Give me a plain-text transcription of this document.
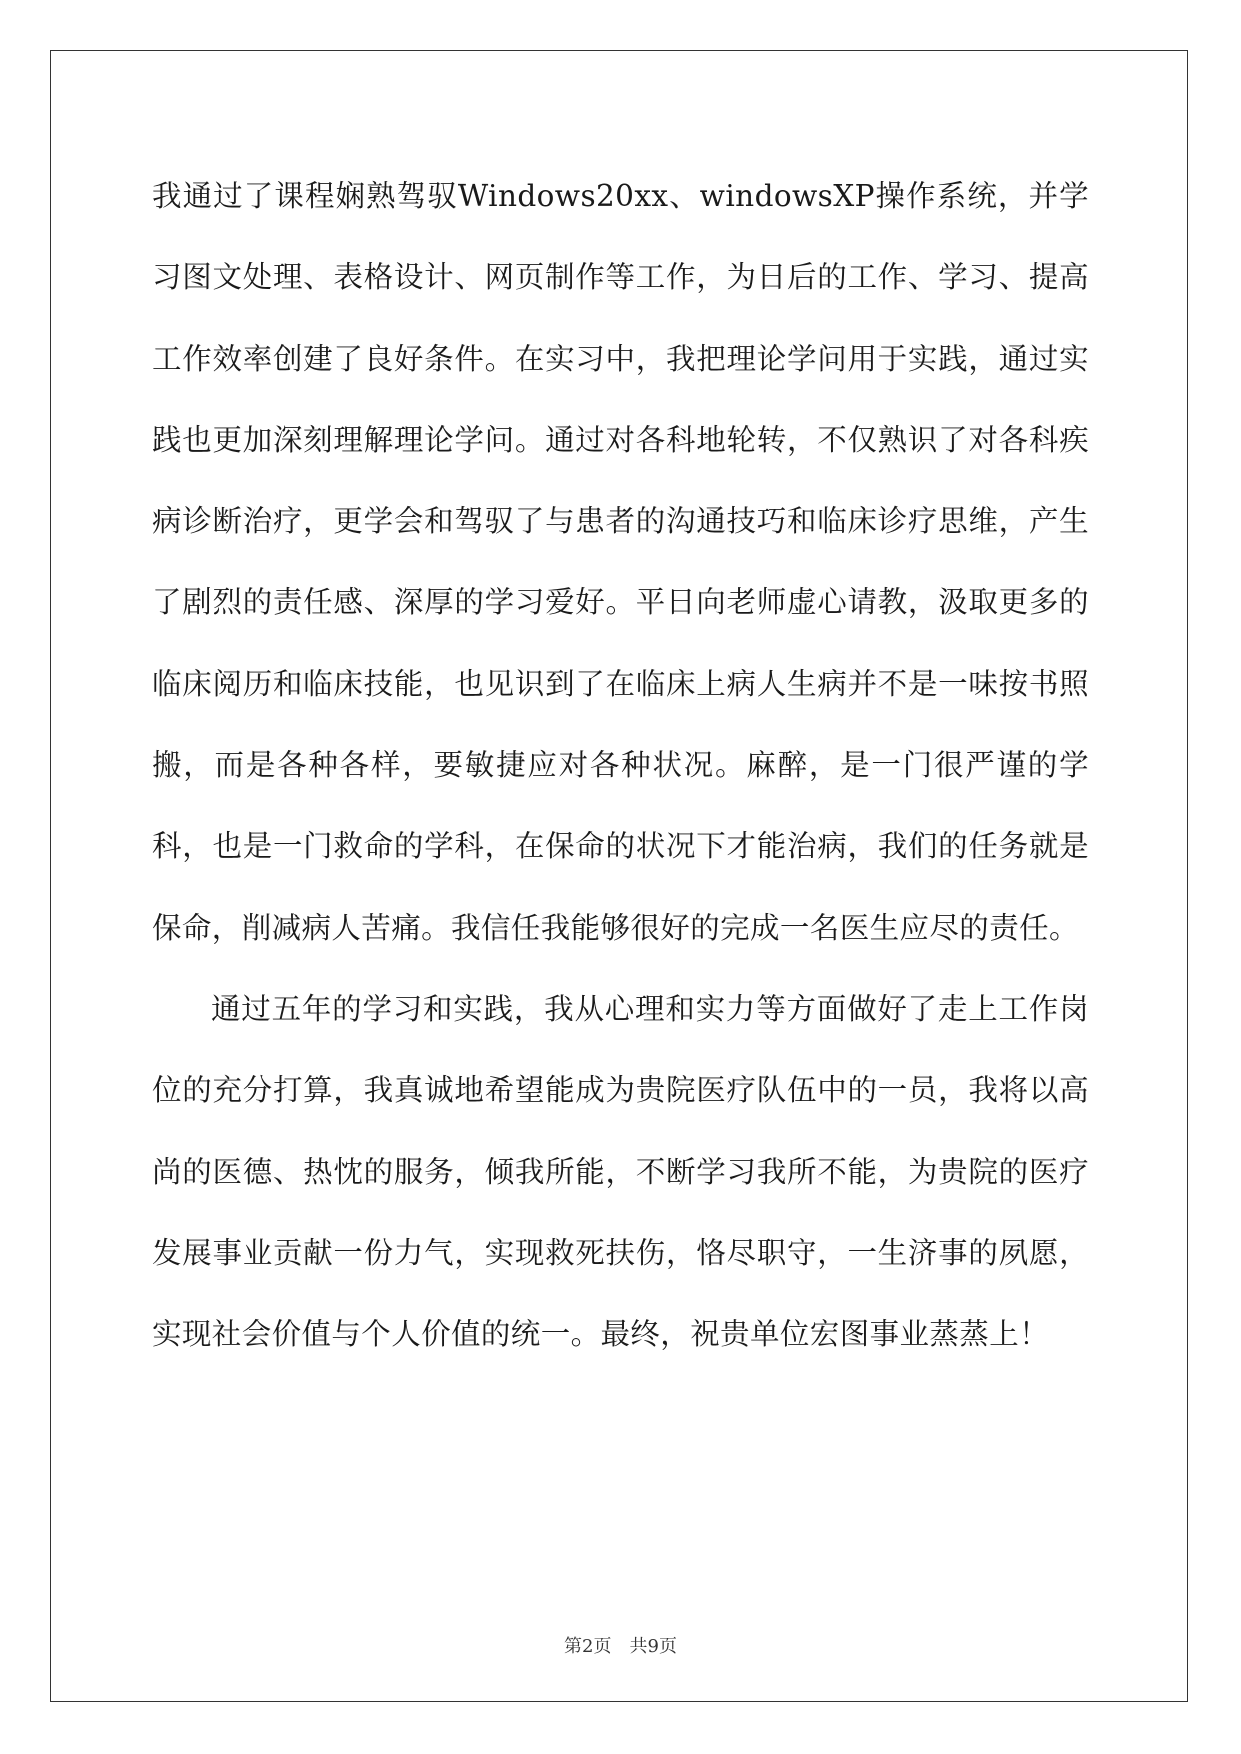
我通过了课程娴熟驾驭Windows20xx、windowsXP操作系统，并学习图文处理、表格设计、网页制作等工作，为日后的工作、学习、提高工作效率创建了良好条件。在实习中，我把理论学问用于实践，通过实践也更加深刻理解理论学问。通过对各科地轮转，不仅熟识了对各科疾病诊断治疗，更学会和驾驭了与患者的沟通技巧和临床诊疗思维，产生了剧烈的责任感、深厚的学习爱好。平日向老师虚心请教，汲取更多的临床阅历和临床技能，也见识到了在临床上病人生病并不是一味按书照搬，而是各种各样，要敏捷应对各种状况。麻醉，是一门很严谨的学科，也是一门救命的学科，在保命的状况下才能治病，我们的任务就是保命，削减病人苦痛。我信任我能够很好的完成一名医生应尽的责任。

通过五年的学习和实践，我从心理和实力等方面做好了走上工作岗位的充分打算，我真诚地希望能成为贵院医疗队伍中的一员，我将以高尚的医德、热忱的服务，倾我所能，不断学习我所不能，为贵院的医疗发展事业贡献一份力气，实现救死扶伤，恪尽职守，一生济事的夙愿，实现社会价值与个人价值的统一。最终，祝贵单位宏图事业蒸蒸上！

第2页 共9页
